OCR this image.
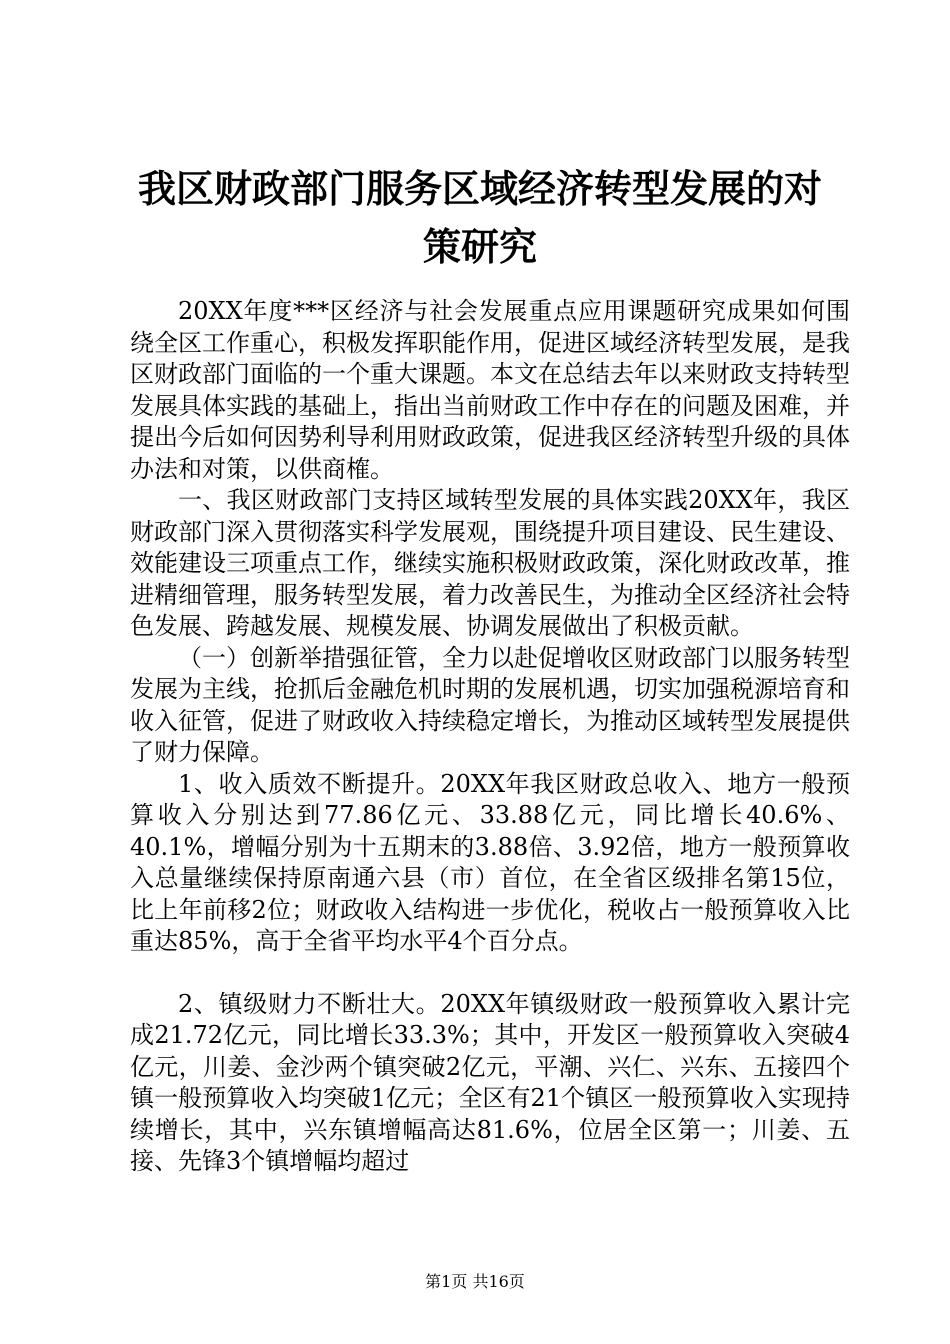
我区财政部门服务区域经济转型发展的对策研究

20XX年度***区经济与社会发展重点应用课题研究成果如何围绕全区工作重心，积极发挥职能作用，促进区域经济转型发展，是我区财政部门面临的一个重大课题。本文在总结去年以来财政支持转型发展具体实践的基础上，指出当前财政工作中存在的问题及困难，并提出今后如何因势利导利用财政政策，促进我区经济转型升级的具体办法和对策，以供商榷。

一、我区财政部门支持区域转型发展的具体实践20XX年，我区财政部门深入贯彻落实科学发展观，围绕提升项目建设、民生建设、效能建设三项重点工作，继续实施积极财政政策，深化财政改革，推进精细管理，服务转型发展，着力改善民生，为推动全区经济社会特色发展、跨越发展、规模发展、协调发展做出了积极贡献。

（一）创新举措强征管，全力以赴促增收区财政部门以服务转型发展为主线，抢抓后金融危机时期的发展机遇，切实加强税源培育和收入征管，促进了财政收入持续稳定增长，为推动区域转型发展提供了财力保障。

1、收入质效不断提升。20XX年我区财政总收入、地方一般预算收入分别达到77.86亿元、33.88亿元，同比增长40.6%、40.1%，增幅分别为十五期末的3.88倍、3.92倍，地方一般预算收入总量继续保持原南通六县（市）首位，在全省区级排名第15位，比上年前移2位；财政收入结构进一步优化，税收占一般预算收入比重达85%，高于全省平均水平4个百分点。

2、镇级财力不断壮大。20XX年镇级财政一般预算收入累计完成21.72亿元，同比增长33.3%；其中，开发区一般预算收入突破4亿元，川姜、金沙两个镇突破2亿元，平潮、兴仁、兴东、五接四个镇一般预算收入均突破1亿元；全区有21个镇区一般预算收入实现持续增长，其中，兴东镇增幅高达81.6%，位居全区第一；川姜、五接、先锋3个镇增幅均超过

第1页 共16页
